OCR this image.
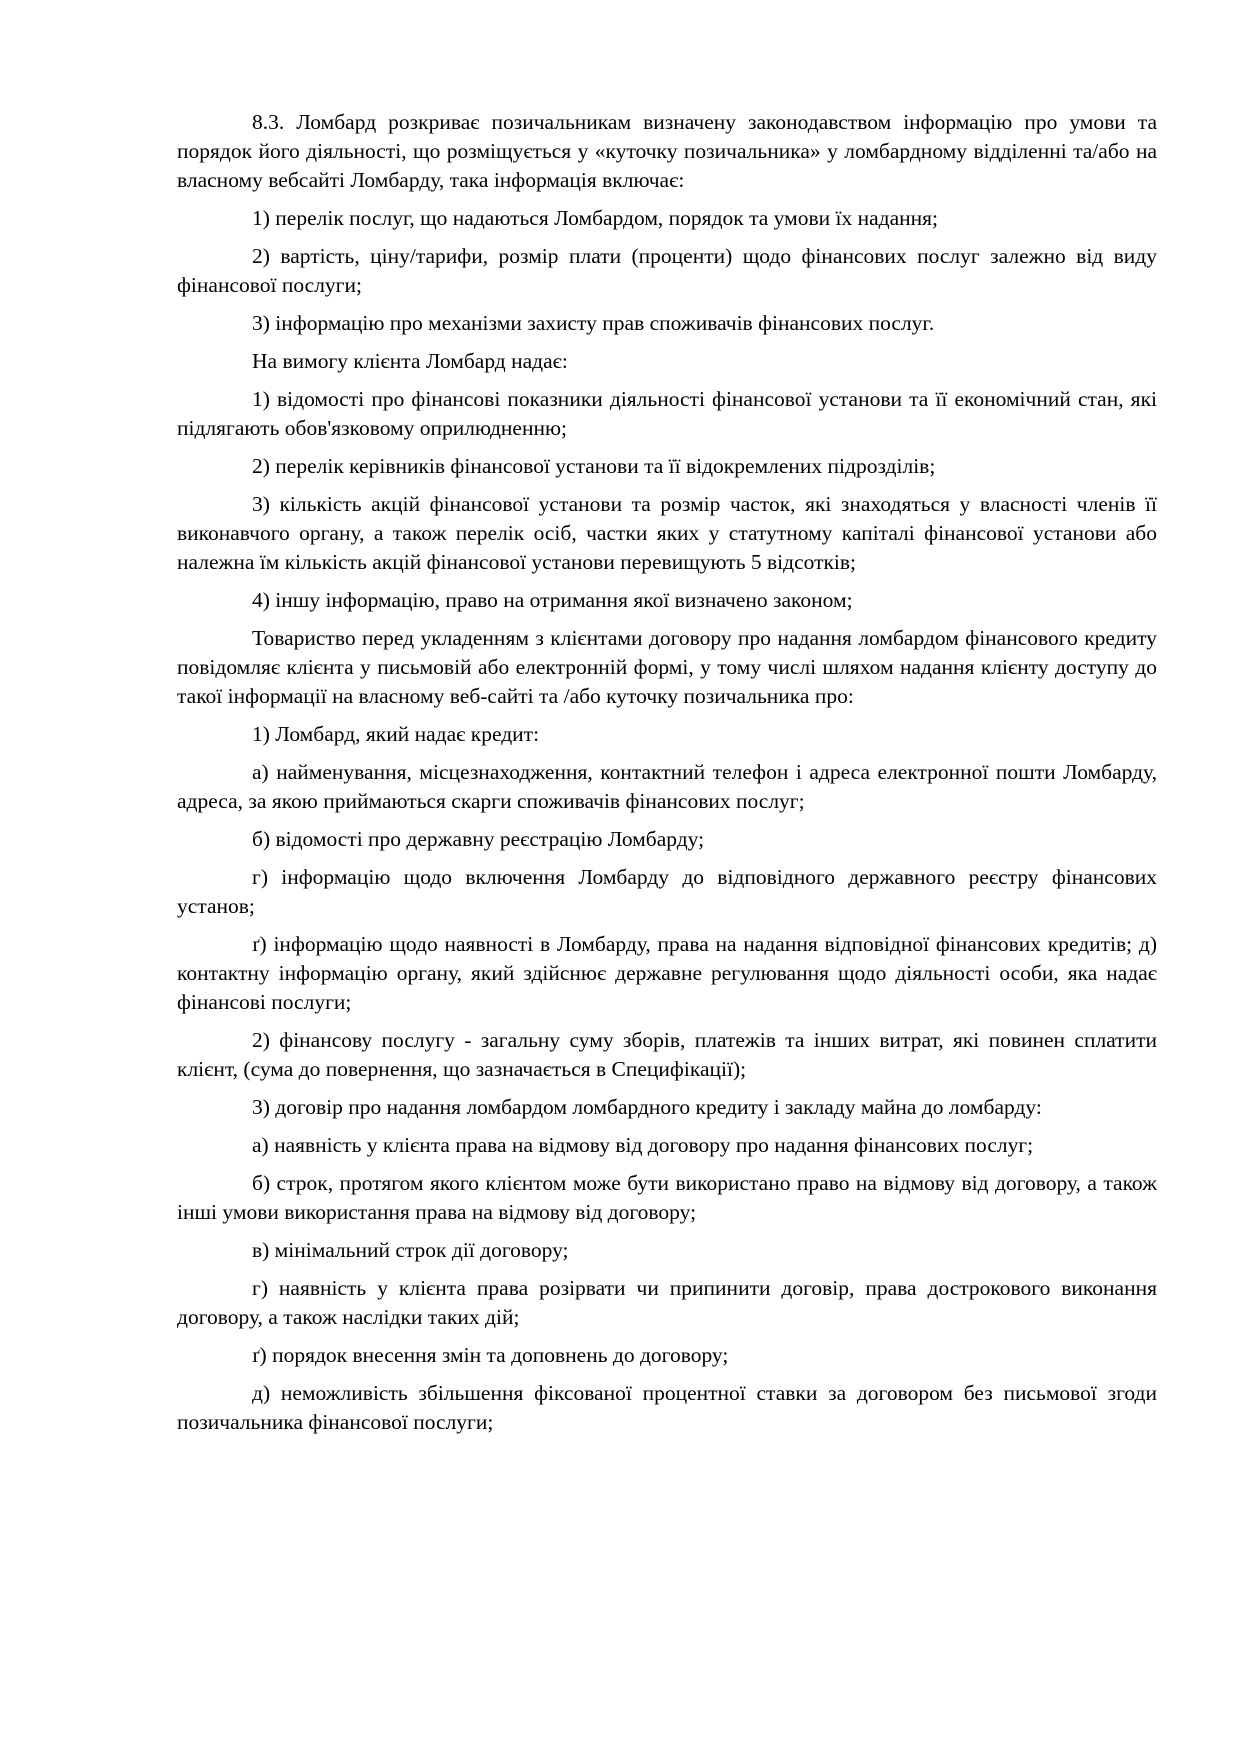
8.3. Ломбард розкриває позичальникам визначену законодавством інформацію про умови та порядок його діяльності, що розміщується у «куточку позичальника» у ломбардному відділенні та/або на власному вебсайті Ломбарду, така інформація включає:

1) перелік послуг, що надаються Ломбардом, порядок та умови їх надання;

2) вартість, ціну/тарифи, розмір плати (проценти) щодо фінансових послуг залежно від виду фінансової послуги;

3) інформацію про механізми захисту прав споживачів фінансових послуг.

На вимогу клієнта Ломбард надає:

1) відомості про фінансові показники діяльності фінансової установи та її економічний стан, які підлягають обов'язковому оприлюдненню;

2) перелік керівників фінансової установи та її відокремлених підрозділів;

3) кількість акцій фінансової установи та розмір часток, які знаходяться у власності членів її виконавчого органу, а також перелік осіб, частки яких у статутному капіталі фінансової установи або належна їм кількість акцій фінансової установи перевищують 5 відсотків;

4) іншу інформацію, право на отримання якої визначено законом;

Товариство перед укладенням з клієнтами договору про надання ломбардом фінансового кредиту повідомляє клієнта у письмовій або електронній формі, у тому числі шляхом надання клієнту доступу до такої інформації на власному веб-сайті та /або куточку позичальника про:

1) Ломбард, який надає кредит:

а) найменування, місцезнаходження, контактний телефон і адреса електронної пошти Ломбарду, адреса, за якою приймаються скарги споживачів фінансових послуг;

б) відомості про державну реєстрацію Ломбарду;

г) інформацію щодо включення Ломбарду до відповідного державного реєстру фінансових установ;

ґ) інформацію щодо наявності в Ломбарду, права на надання відповідної фінансових кредитів; д) контактну інформацію органу, який здійснює державне регулювання щодо діяльності особи, яка надає фінансові послуги;

2) фінансову послугу - загальну суму зборів, платежів та інших витрат, які повинен сплатити клієнт, (сума до повернення, що зазначається в Специфікації);

3) договір про надання ломбардом ломбардного кредиту і закладу майна до ломбарду:

а) наявність у клієнта права на відмову від договору про надання фінансових послуг;

б) строк, протягом якого клієнтом може бути використано право на відмову від договору, а також інші умови використання права на відмову від договору;

в) мінімальний строк дії договору;

г) наявність у клієнта права розірвати чи припинити договір, права дострокового виконання договору, а також наслідки таких дій;

ґ) порядок внесення змін та доповнень до договору;

д) неможливість збільшення фіксованої процентної ставки за договором без письмової згоди позичальника фінансової послуги;
